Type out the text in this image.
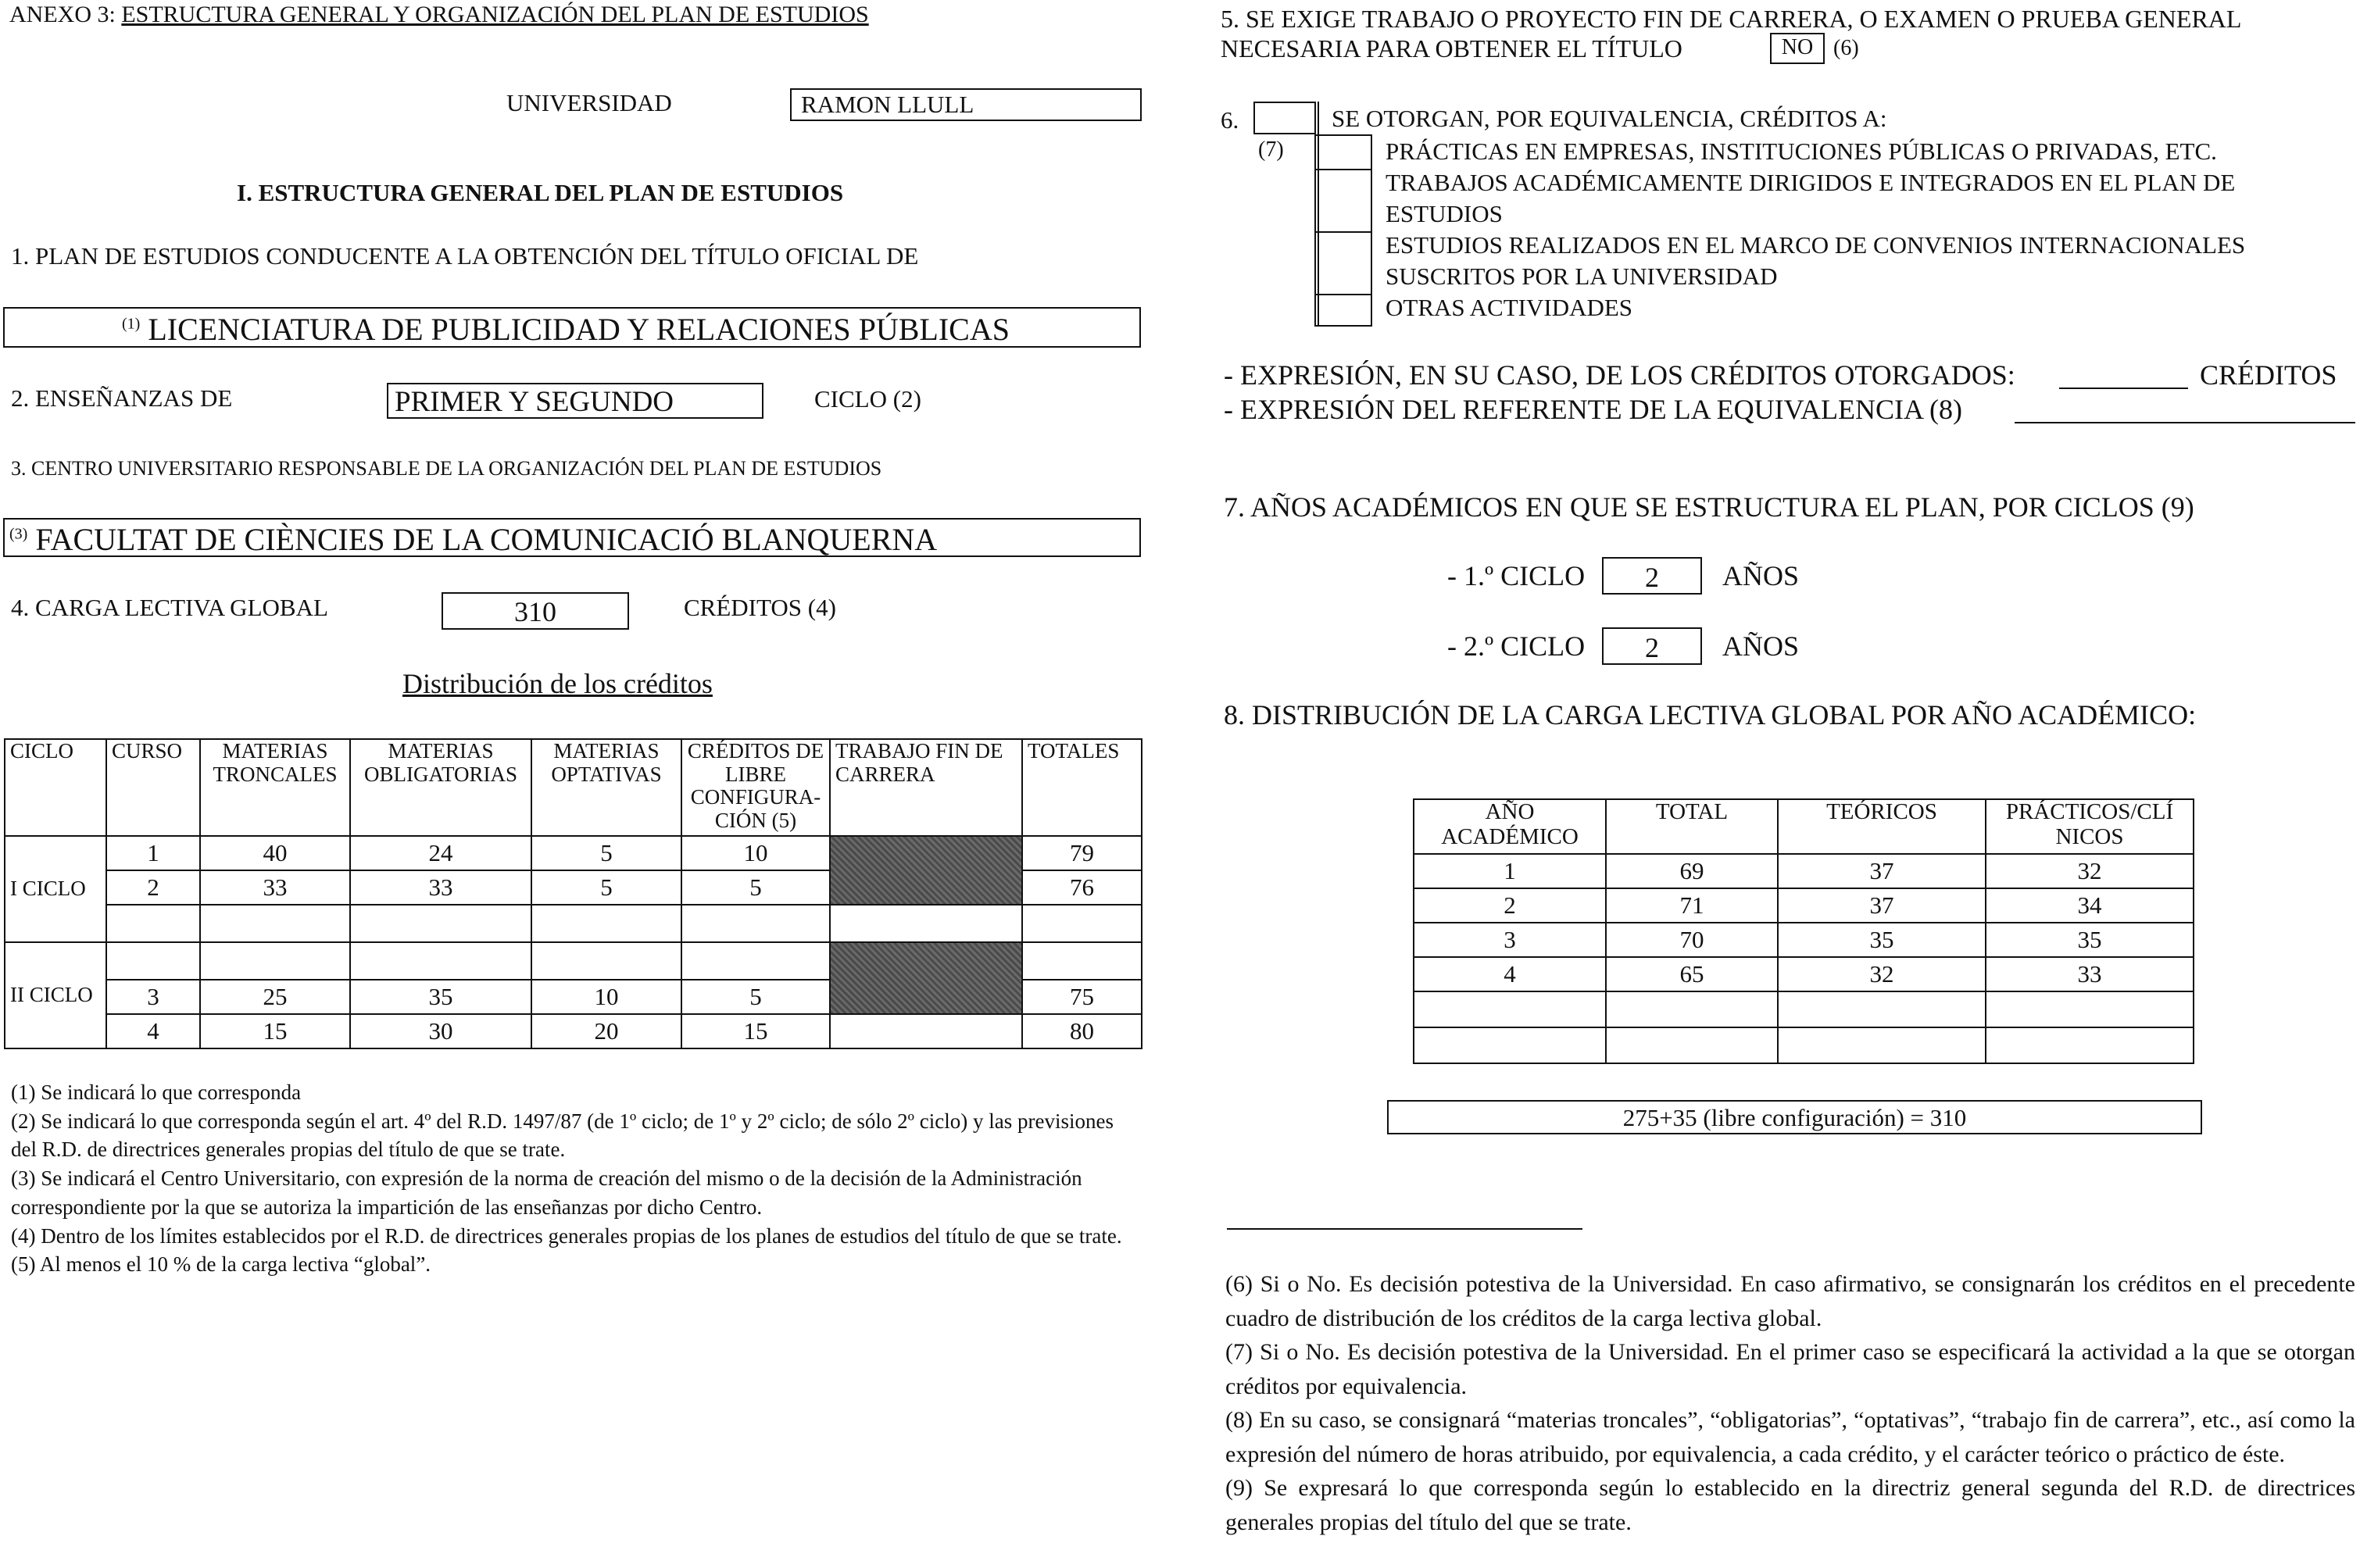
ANEXO 3: ESTRUCTURA GENERAL Y ORGANIZACIÓN DEL PLAN DE ESTUDIOS
UNIVERSIDAD	RAMON LLULL
I. ESTRUCTURA GENERAL DEL PLAN DE ESTUDIOS
1. PLAN DE ESTUDIOS CONDUCENTE A LA OBTENCIÓN DEL TÍTULO OFICIAL DE
$^{(1)}$ LICENCIATURA DE PUBLICIDAD Y RELACIONES PÚBLICAS
2. ENSEÑANZAS DE	PRIMER Y SEGUNDO	CICLO (2)
3. CENTRO UNIVERSITARIO RESPONSABLE DE LA ORGANIZACIÓN DEL PLAN DE ESTUDIOS
$^{(3)}$ FACULTAT DE CIÈNCIES DE LA COMUNICACIÓ BLANQUERNA
4. CARGA LECTIVA GLOBAL	310	CRÉDITOS (4)
Distribución de los créditos
CICLO	CURSO	MATERIAS TRONCALES	MATERIAS OBLIGATORIAS	MATERIAS OPTATIVAS	CRÉDITOS DE LIBRE CONFIGURA-CIÓN (5)	TRABAJO FIN DE CARRERA	TOTALES
I CICLO	1	40	24	5	10		79
	2	33	33	5	5		76

II CICLO							
	3	25	35	10	5		75
	4	15	30	20	15		80
(1) Se indicará lo que corresponda
(2) Se indicará lo que corresponda según el art. 4º del R.D. 1497/87 (de 1º ciclo; de 1º y 2º ciclo; de sólo 2º ciclo) y las previsiones del R.D. de directrices generales propias del título de que se trate.
(3) Se indicará el Centro Universitario, con expresión de la norma de creación del mismo o de la decisión de la Administración correspondiente por la que se autoriza la impartición de las enseñanzas por dicho Centro.
(4) Dentro de los límites establecidos por el R.D. de directrices generales propias de los planes de estudios del título de que se trate.
(5) Al menos el 10 % de la carga lectiva “global”.
5. SE EXIGE TRABAJO O PROYECTO FIN DE CARRERA, O EXAMEN O PRUEBA GENERAL
NECESARIA PARA OBTENER EL TÍTULO	NO (6)
6.	SE OTORGAN, POR EQUIVALENCIA, CRÉDITOS A:
(7)	PRÁCTICAS EN EMPRESAS, INSTITUCIONES PÚBLICAS O PRIVADAS, ETC.
TRABAJOS ACADÉMICAMENTE DIRIGIDOS E INTEGRADOS EN EL PLAN DE
ESTUDIOS
ESTUDIOS REALIZADOS EN EL MARCO DE CONVENIOS INTERNACIONALES
SUSCRITOS POR LA UNIVERSIDAD
OTRAS ACTIVIDADES
- EXPRESIÓN, EN SU CASO, DE LOS CRÉDITOS OTORGADOS:	CRÉDITOS
- EXPRESIÓN DEL REFERENTE DE LA EQUIVALENCIA (8)
7. AÑOS ACADÉMICOS EN QUE SE ESTRUCTURA EL PLAN, POR CICLOS (9)
- 1.º CICLO	2	AÑOS
- 2.º CICLO	2	AÑOS
8. DISTRIBUCIÓN DE LA CARGA LECTIVA GLOBAL POR AÑO ACADÉMICO:
AÑO ACADÉMICO	TOTAL	TEÓRICOS	PRÁCTICOS/CLÍ NICOS
1	69	37	32
2	71	37	34
3	70	35	35
4	65	32	33

275+35 (libre configuración) = 310
(6) Si o No. Es decisión potestiva de la Universidad. En caso afirmativo, se consignarán los créditos en el precedente cuadro de distribución de los créditos de la carga lectiva global.
(7) Si o No. Es decisión potestiva de la Universidad. En el primer caso se especificará la actividad a la que se otorgan créditos por equivalencia.
(8) En su caso, se consignará “materias troncales”, “obligatorias”, “optativas”, “trabajo fin de carrera”, etc., así como la expresión del número de horas atribuido, por equivalencia, a cada crédito, y el carácter teórico o práctico de éste.
(9) Se expresará lo que corresponda según lo establecido en la directriz general segunda del R.D. de directrices generales propias del título del que se trate.
